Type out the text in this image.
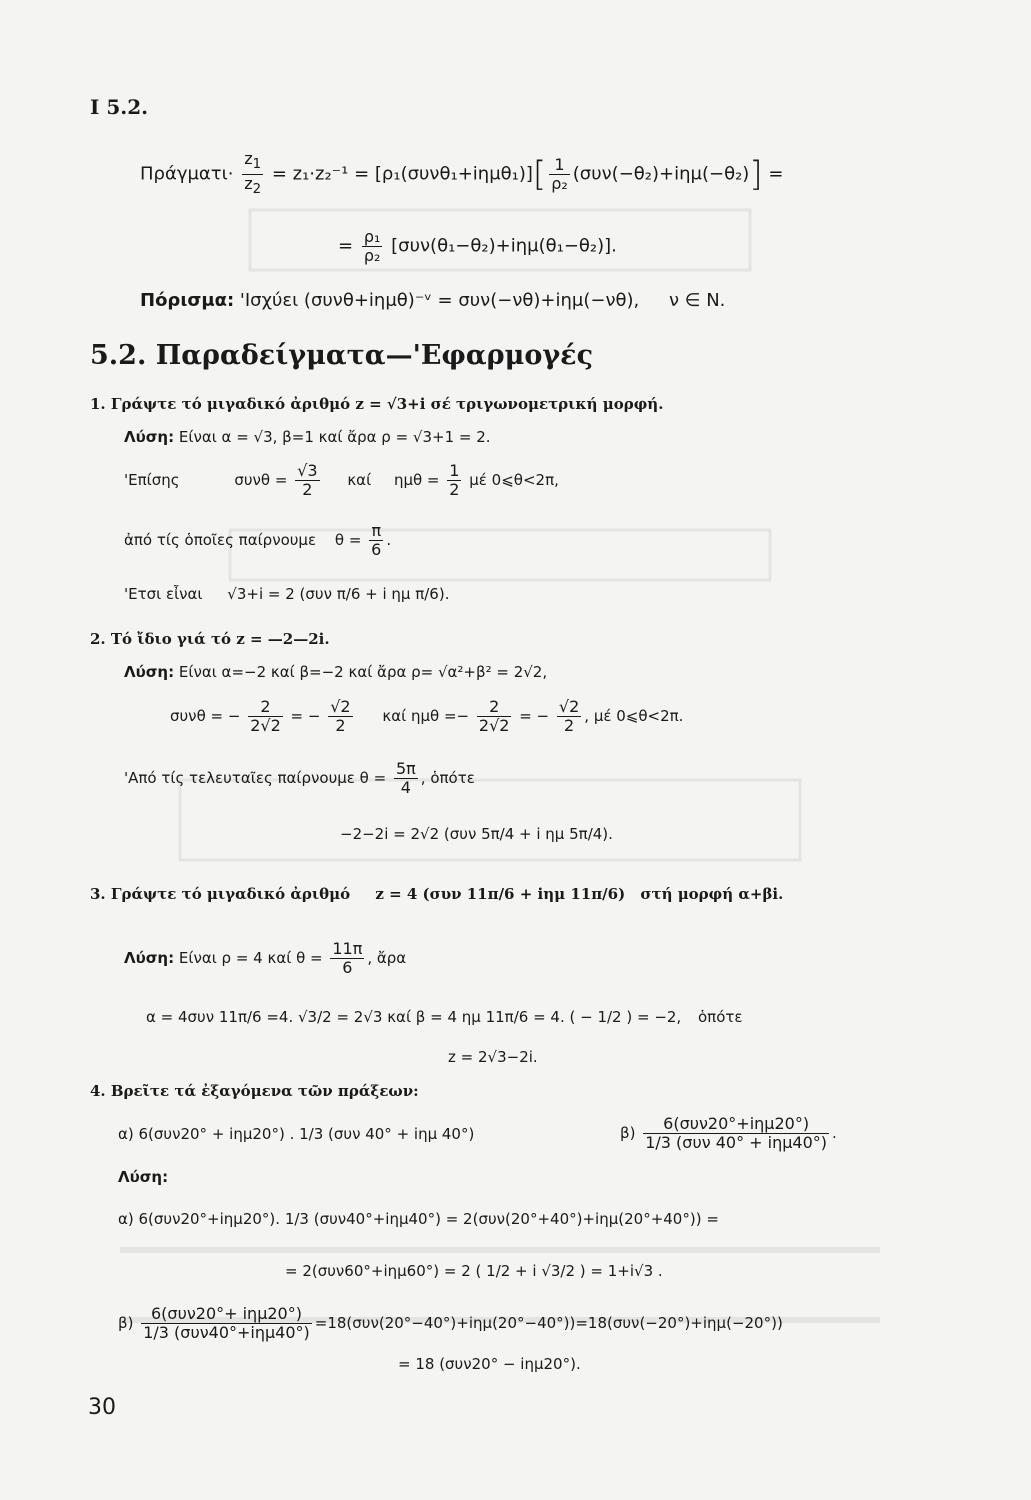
I 5.2.
$\Pi\rho ά\gamma\mu\alpha\tau\iota\cdot \frac{z_1}{z_2} = z_1\cdot z_2^{-1} = [\rho_1(\sigma\upsilon\nu\theta_1+i\eta\mu\theta_1)][ \frac{1}{\text{ρ₂}} (\sigma\upsilon\nu(-\theta_2)+i\eta\mu(-\theta_2)]$ =
= $\frac{\text{ρ₁}}{\text{ρ₂}} [\sigma\upsilon\nu(\theta_1-\theta_2)+i\eta\mu(\theta_1-\theta_2)]$.
Πόρισμα: 'Ισχύει (συνθ+iημθ)⁻ᵛ = συν(−νθ)+iημ(−νθ), ν ∈ N.
5.2. Παραδείγματα—'Εφαρμογές
1. Γράψτε τό μιγαδικό ἀριθμό z = √3+i σέ τριγωνομετρική μορφή.
Λύση: Είναι α = √3, β=1 καί ἄρα ρ = √3+1 = 2.
'Επίσης	$\sigma\upsilon\nu\theta = \frac{√3}{2}$ καί $\eta\mu\theta = \frac{1}{2}$ μέ 0⩽θ<2π,
ἀπό τίς ὁποῖες παίρνουμε $\theta = \frac{\pi}{6}$ .
'Ετσι εἶναι √3+i = 2 (συν π/6 + i ημ π/6).
2. Τό ἴδιο γιά τό z = —2—2i.
Λύση: Είναι α=−2 καί β=−2 καί ἄρα ρ= √α²+β² = 2√2,
συνθ = − $\frac{2}{2√2}$ = − $\frac{√2}{2}$ καί $\eta\mu\theta =- \frac{2}{2√2}$ = − $\frac{√2}{2}$ , μέ 0⩽θ<2π.
'Από τίς τελευταῖες παίρνουμε $\theta = \frac{5\pi}{4}$ , ὁπότε
−2−2i = 2√2 (συν 5π/4 + i ημ 5π/4).
3. Γράψτε τό μιγαδικό ἀριθμό z = 4 (συν 11π/6 + iημ 11π/6) στή μορφή α+βi.
Λύση: Είναι ρ = 4 καί $\theta = \frac{11\pi}{6}$ , ἄρα
α = 4συν 11π/6 =4. √3/2 = 2√3 καί β = 4 ημ 11π/6 = 4. ( − 1/2 ) = −2, ὁπότε
z = 2√3−2i.
4. Βρεῖτε τά ἐξαγόμενα τῶν πράξεων:
α) 6(συν20° + iημ20°) . 1/3 (συν 40° + iημ 40°)	$\beta) \frac{\text{6(συν20°+iημ20°)}}{\text{1/3 (συν 40° + iημ40°)}}$ .
Λύση:
α) 6(συν20°+iημ20°). 1/3 (συν40°+iημ40°) = 2(συν(20°+40°)+iημ(20°+40°)) =
= 2(συν60°+iημ60°) = 2 ( 1/2 + i √3/2 ) = 1+i√3 .
$\beta) \frac{\text{6(συν20°+ iημ20°)}}{\text{1/3 (συν40°+iημ40°)}} =18(\sigma\upsilon\nu(20^\circ-40^\circ)+i\eta\mu(20^\circ-40^\circ))=18(\sigma\upsilon\nu(-20^\circ)+i\eta\mu(-20^\circ))$
= 18 (συν20° − iημ20°).
30
